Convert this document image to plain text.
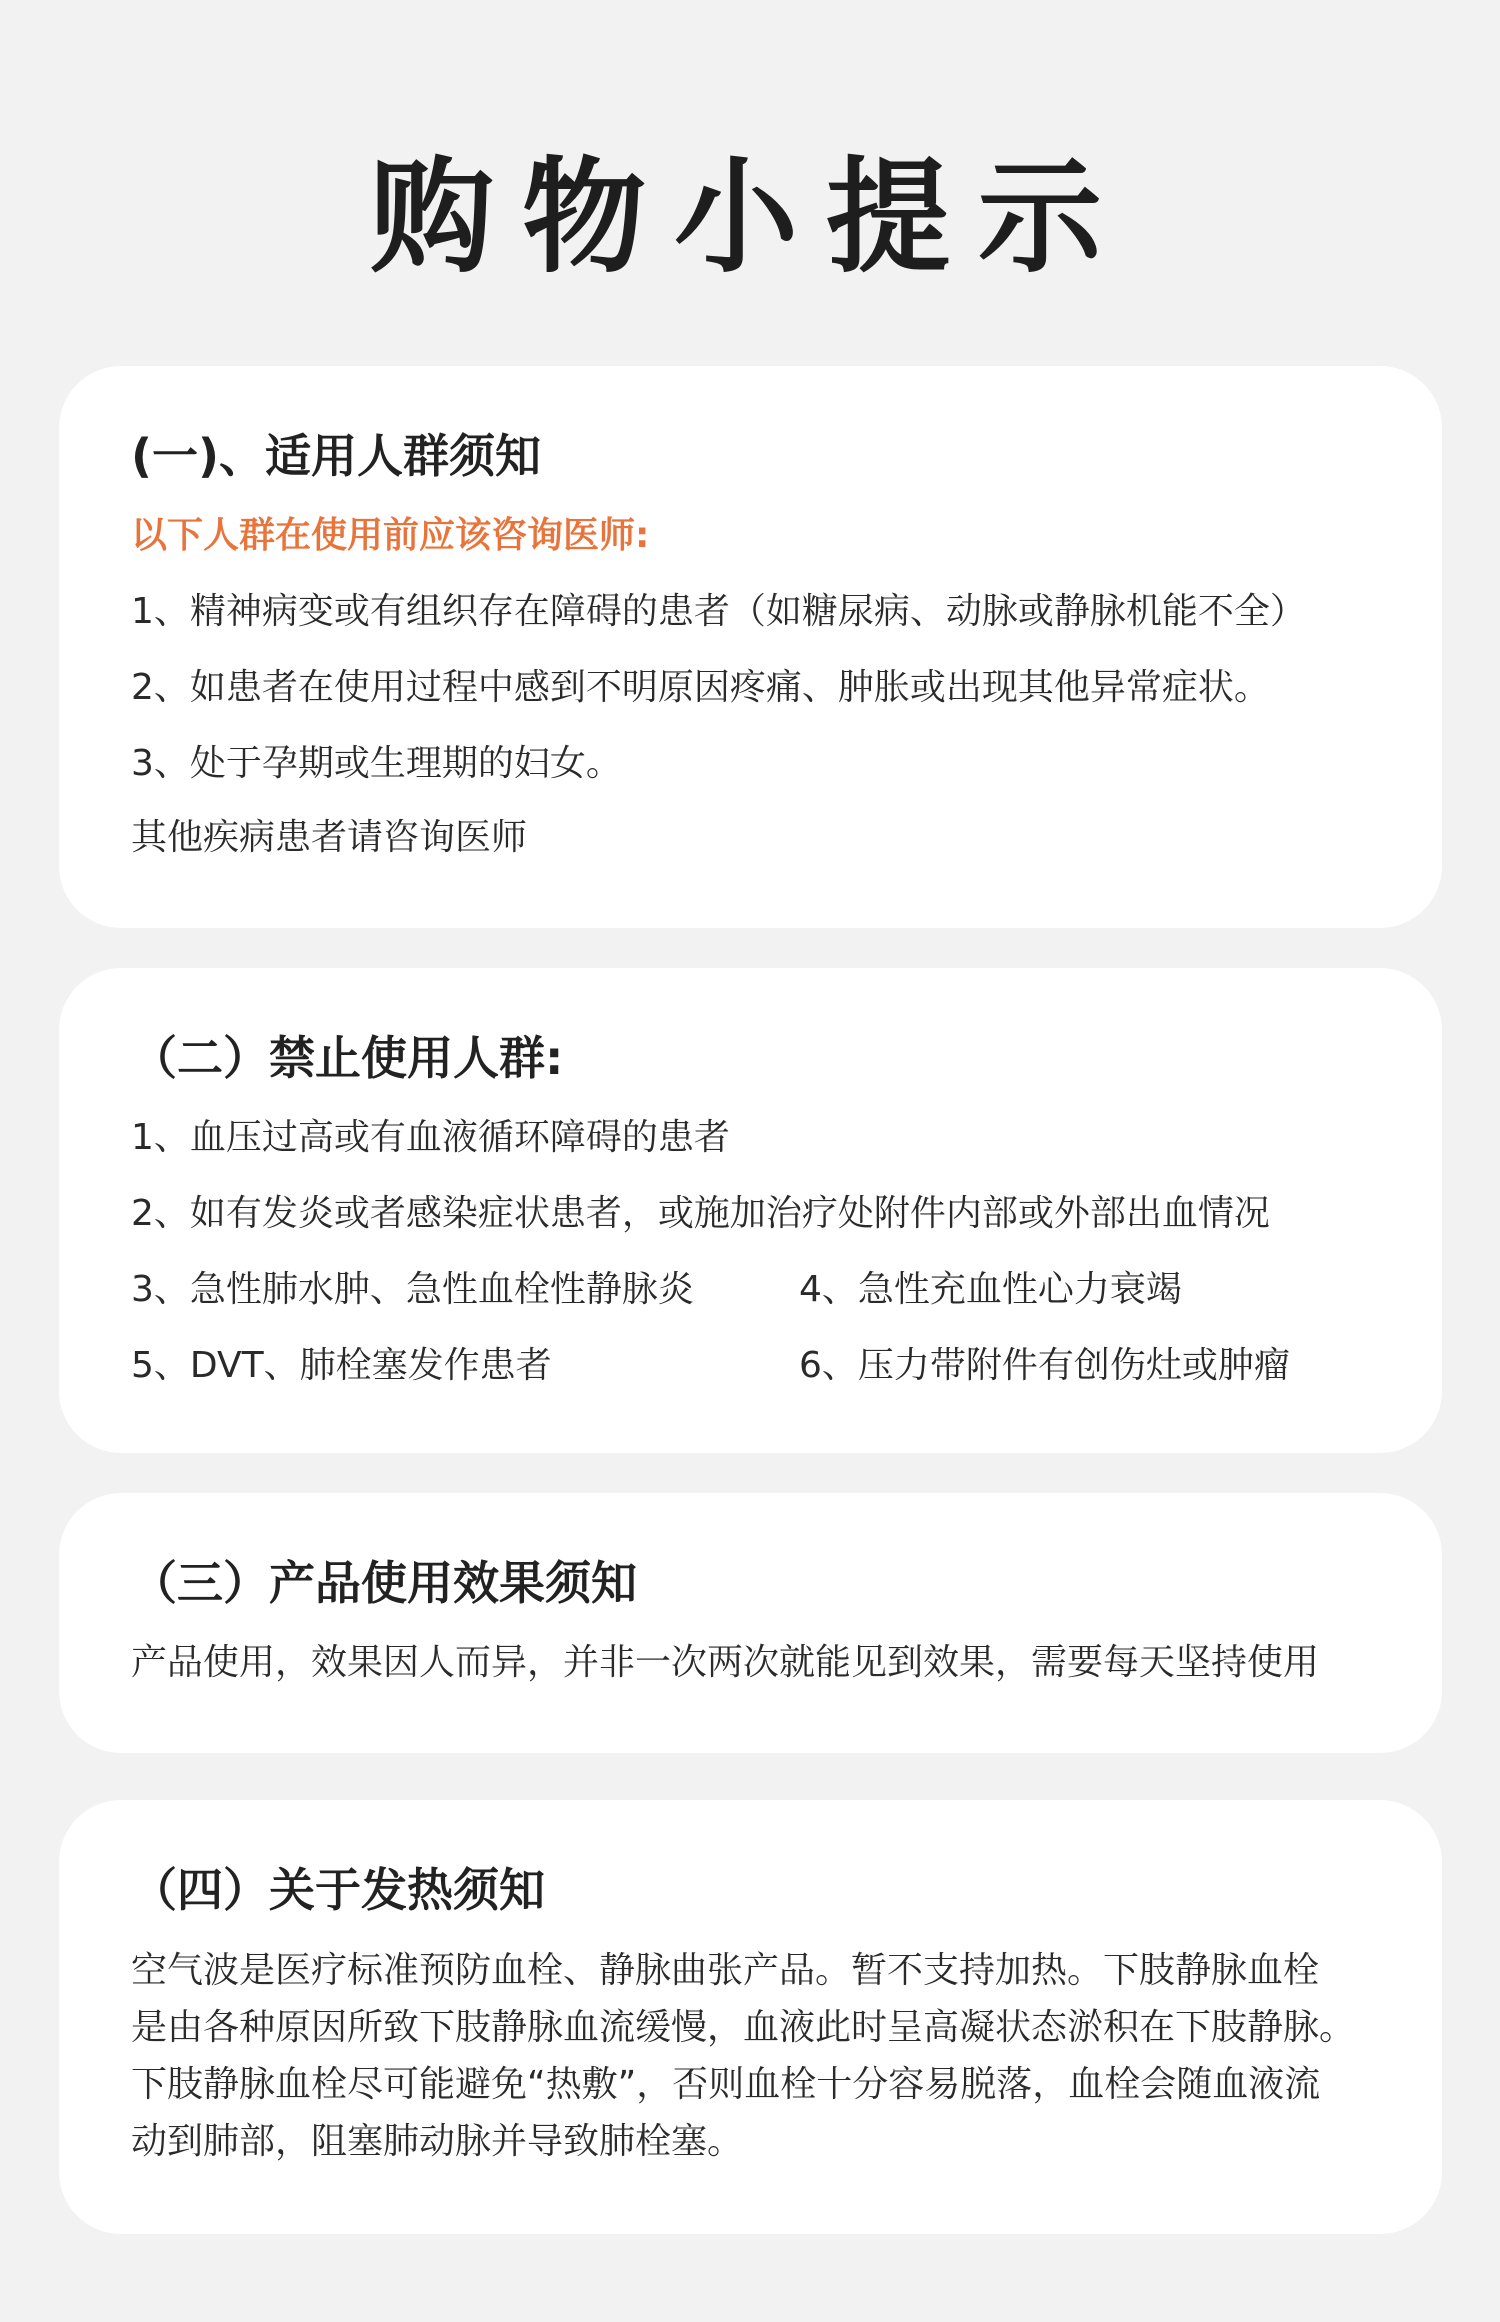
购物小提示
(一)、适用人群须知
以下人群在使用前应该咨询医师:
1、精神病变或有组织存在障碍的患者（如糖尿病、动脉或静脉机能不全）
2、如患者在使用过程中感到不明原因疼痛、肿胀或出现其他异常症状。
3、处于孕期或生理期的妇女。
其他疾病患者请咨询医师
（二）禁止使用人群:
1、血压过高或有血液循环障碍的患者
2、如有发炎或者感染症状患者，或施加治疗处附件内部或外部出血情况
3、急性肺水肿、急性血栓性静脉炎	4、急性充血性心力衰竭
5、DVT、肺栓塞发作患者	6、压力带附件有创伤灶或肿瘤
（三）产品使用效果须知
产品使用，效果因人而异，并非一次两次就能见到效果，需要每天坚持使用
（四）关于发热须知
空气波是医疗标准预防血栓、静脉曲张产品。暂不支持加热。下肢静脉血栓
是由各种原因所致下肢静脉血流缓慢，血液此时呈高凝状态淤积在下肢静脉。
下肢静脉血栓尽可能避免“热敷”，否则血栓十分容易脱落，血栓会随血液流
动到肺部，阻塞肺动脉并导致肺栓塞。
